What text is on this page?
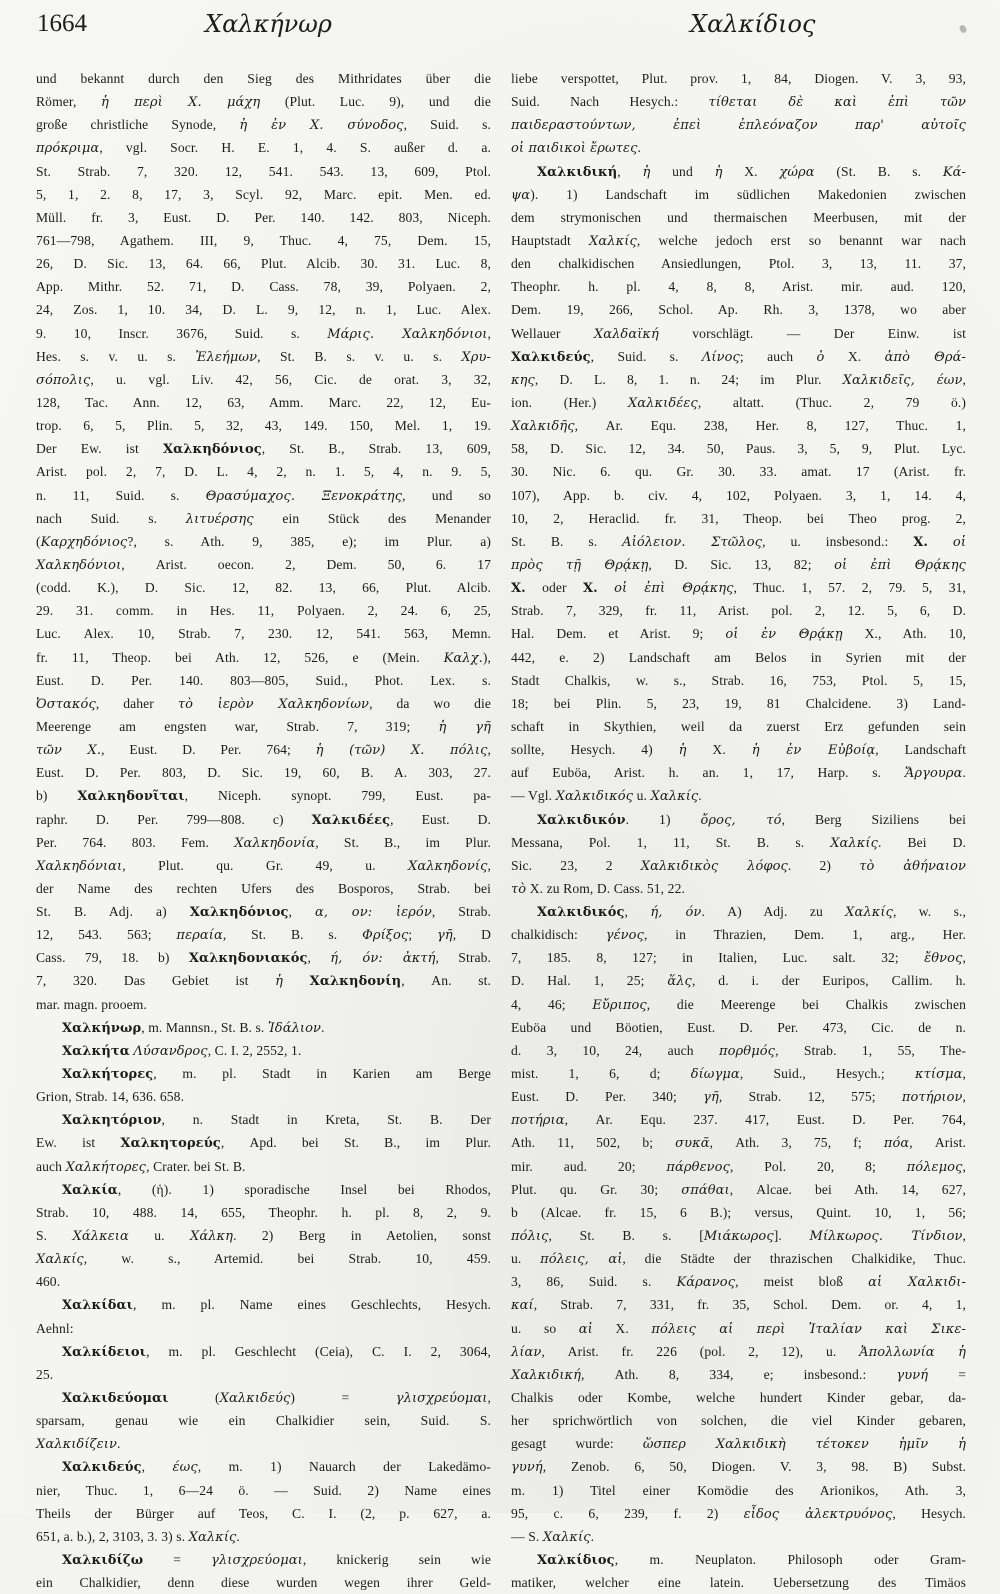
1664	Χαλκήνωρ	Χαλκίδιος
und bekannt durch den Sieg des Mithridates über die
Römer, ἡ περὶ X. μάχη (Plut. Luc. 9), und die
große christliche Synode, ἡ ἐν X. σύνοδος, Suid. s.
πρόκριμα, vgl. Socr. H. E. 1, 4. S. außer d. a.
St. Strab. 7, 320. 12, 541. 543. 13, 609, Ptol.
5, 1, 2. 8, 17, 3, Scyl. 92, Marc. epit. Men. ed.
Müll. fr. 3, Eust. D. Per. 140. 142. 803, Niceph.
761—798, Agathem. III, 9, Thuc. 4, 75, Dem. 15,
26, D. Sic. 13, 64. 66, Plut. Alcib. 30. 31. Luc. 8,
App. Mithr. 52. 71, D. Cass. 78, 39, Polyaen. 2,
24, Zos. 1, 10. 34, D. L. 9, 12, n. 1, Luc. Alex.
9. 10, Inscr. 3676, Suid. s. Μάρις. Χαλκηδόνιοι,
Hes. s. v. u. s. Ἐλεήμων, St. B. s. v. u. s. Χρυ-
σόπολις, u. vgl. Liv. 42, 56, Cic. de orat. 3, 32,
128, Tac. Ann. 12, 63, Amm. Marc. 22, 12, Eu-
trop. 6, 5, Plin. 5, 32, 43, 149. 150, Mel. 1, 19.
Der Ew. ist Χαλκηδόνιος, St. B., Strab. 13, 609,
Arist. pol. 2, 7, D. L. 4, 2, n. 1. 5, 4, n. 9. 5,
n. 11, Suid. s. Θρασύμαχος. Ξενοκράτης, und so
nach Suid. s. λιτυέρσης ein Stück des Menander
(Καρχηδόνιος?, s. Ath. 9, 385, e); im Plur. a)
Χαλκηδόνιοι, Arist. oecon. 2, Dem. 50, 6. 17
(codd. K.), D. Sic. 12, 82. 13, 66, Plut. Alcib.
29. 31. comm. in Hes. 11, Polyaen. 2, 24. 6, 25,
Luc. Alex. 10, Strab. 7, 230. 12, 541. 563, Memn.
fr. 11, Theop. bei Ath. 12, 526, e (Mein. Καλχ.),
Eust. D. Per. 140. 803—805, Suid., Phot. Lex. s.
Ὀστακός, daher τὸ ἱερὸν Χαλκηδονίων, da wo die
Meerenge am engsten war, Strab. 7, 319; ἡ γῆ
τῶν X., Eust. D. Per. 764; ἡ (τῶν) X. πόλις,
Eust. D. Per. 803, D. Sic. 19, 60, B. A. 303, 27.
b) Χαλκηδονῖται, Niceph. synopt. 799, Eust. pa-
raphr. D. Per. 799—808. c) Χαλκιδέες, Eust. D.
Per. 764. 803. Fem. Χαλκηδονία, St. B., im Plur.
Χαλκηδόνιαι, Plut. qu. Gr. 49, u. Χαλκηδονίς,
der Name des rechten Ufers des Bosporos, Strab. bei
St. B. Adj. a) Χαλκηδόνιος, α, ον: ἱερόν, Strab.
12, 543. 563; περαία, St. B. s. Φρίξος; γῆ, D
Cass. 79, 18. b) Χαλκηδονιακός, ή, όν: ἀκτή, Strab.
7, 320. Das Gebiet ist ἡ Χαλκηδονίη, An. st.
mar. magn. prooem.
Χαλκήνωρ, m. Mannsn., St. B. s. Ἰδάλιον.
Χαλκήτα Λύσανδρος, C. I. 2, 2552, 1.
Χαλκήτορες, m. pl. Stadt in Karien am Berge
Grion, Strab. 14, 636. 658.
Χαλκητόριον, n. Stadt in Kreta, St. B. Der
Ew. ist Χαλκητορεύς, Apd. bei St. B., im Plur.
auch Χαλκήτορες, Crater. bei St. B.
Χαλκία, (ἡ). 1) sporadische Insel bei Rhodos,
Strab. 10, 488. 14, 655, Theophr. h. pl. 8, 2, 9.
S. Χάλκεια u. Χάλκη. 2) Berg in Aetolien, sonst
Χαλκίς, w. s., Artemid. bei Strab. 10, 459.
460.
Χαλκίδαι, m. pl. Name eines Geschlechts, Hesych.
Aehnl:
Χαλκίδειοι, m. pl. Geschlecht (Ceia), C. I. 2, 3064,
25.
Χαλκιδεύομαι (Χαλκιδεύς) = γλισχρεύομαι,
sparsam, genau wie ein Chalkidier sein, Suid. S.
Χαλκιδίζειν.
Χαλκιδεύς, έως, m. 1) Nauarch der Lakedämo-
nier, Thuc. 1, 6—24 ö. — Suid. 2) Name eines
Theils der Bürger auf Teos, C. I. (2, p. 627, a.
651, a. b.), 2, 3103, 3. 3) s. Χαλκίς.
Χαλκιδίζω = γλισχρεύομαι, knickerig sein wie
ein Chalkidier, denn diese wurden wegen ihrer Geld-
liebe verspottet, Plut. prov. 1, 84, Diogen. V. 3, 93,
Suid. Nach Hesych.: τίθεται δὲ καὶ ἐπὶ τῶν
παιδεραστούντων, ἐπεὶ ἐπλεόναζον παρ' αὐτοῖς
οἱ παιδικοὶ ἔρωτες.
Χαλκιδική, ἡ und ἡ X. χώρα (St. B. s. Κά-
ψα). 1) Landschaft im südlichen Makedonien zwischen
dem strymonischen und thermaischen Meerbusen, mit der
Hauptstadt Χαλκίς, welche jedoch erst so benannt war nach
den chalkidischen Ansiedlungen, Ptol. 3, 13, 11. 37,
Theophr. h. pl. 4, 8, 8, Arist. mir. aud. 120,
Dem. 19, 266, Schol. Ap. Rh. 3, 1378, wo aber
Wellauer Χαλδαϊκή vorschlägt. — Der Einw. ist
Χαλκιδεύς, Suid. s. Λίνος; auch ὁ X. ἀπὸ Θρά-
κης, D. L. 8, 1. n. 24; im Plur. Χαλκιδεῖς, έων,
ion. (Her.) Χαλκιδέες, altatt. (Thuc. 2, 79 ö.)
Χαλκιδῆς, Ar. Equ. 238, Her. 8, 127, Thuc. 1,
58, D. Sic. 12, 34. 50, Paus. 3, 5, 9, Plut. Lyc.
30. Nic. 6. qu. Gr. 30. 33. amat. 17 (Arist. fr.
107), App. b. civ. 4, 102, Polyaen. 3, 1, 14. 4,
10, 2, Heraclid. fr. 31, Theop. bei Theo prog. 2,
St. B. s. Αἰόλειον. Στῶλος, u. insbesond.: X. οἱ
πρὸς τῇ Θρᾴκῃ, D. Sic. 13, 82; οἱ ἐπὶ Θρᾴκης
X. oder X. οἱ ἐπὶ Θρᾴκης, Thuc. 1, 57. 2, 79. 5, 31,
Strab. 7, 329, fr. 11, Arist. pol. 2, 12. 5, 6, D.
Hal. Dem. et Arist. 9; οἱ ἐν Θρᾴκῃ X., Ath. 10,
442, e. 2) Landschaft am Belos in Syrien mit der
Stadt Chalkis, w. s., Strab. 16, 753, Ptol. 5, 15,
18; bei Plin. 5, 23, 19, 81 Chalcidene. 3) Land-
schaft in Skythien, weil da zuerst Erz gefunden sein
sollte, Hesych. 4) ἡ X. ἡ ἐν Εὐβοίᾳ, Landschaft
auf Euböa, Arist. h. an. 1, 17, Harp. s. Ἄργουρα.
— Vgl. Χαλκιδικός u. Χαλκίς.
Χαλκιδικόν. 1) ὄρος, τό, Berg Siziliens bei
Messana, Pol. 1, 11, St. B. s. Χαλκίς. Bei D.
Sic. 23, 2 Χαλκιδικὸς λόφος. 2) τὸ ἀθήναιον
τὸ X. zu Rom, D. Cass. 51, 22.
Χαλκιδικός, ή, όν. A) Adj. zu Χαλκίς, w. s.,
chalkidisch: γένος, in Thrazien, Dem. 1, arg., Her.
7, 185. 8, 127; in Italien, Luc. salt. 32; ἔθνος,
D. Hal. 1, 25; ἅλς, d. i. der Euripos, Callim. h.
4, 46; Εὔριπος, die Meerenge bei Chalkis zwischen
Euböa und Böotien, Eust. D. Per. 473, Cic. de n.
d. 3, 10, 24, auch πορθμός, Strab. 1, 55, The-
mist. 1, 6, d; δίωγμα, Suid., Hesych.; κτίσμα,
Eust. D. Per. 340; γῆ, Strab. 12, 575; ποτήριον,
ποτήρια, Ar. Equ. 237. 417, Eust. D. Per. 764,
Ath. 11, 502, b; συκᾶ, Ath. 3, 75, f; πόα, Arist.
mir. aud. 20; πάρθενος, Pol. 20, 8; πόλεμος,
Plut. qu. Gr. 30; σπάθαι, Alcae. bei Ath. 14, 627,
b (Alcae. fr. 15, 6 B.); versus, Quint. 10, 1, 56;
πόλις, St. B. s. [Μιάκωρος]. Μίλκωρος. Τίνδιον,
u. πόλεις, αἱ, die Städte der thrazischen Chalkidike, Thuc.
3, 86, Suid. s. Κάρανος, meist bloß αἱ Χαλκιδι-
καί, Strab. 7, 331, fr. 35, Schol. Dem. or. 4, 1,
u. so αἱ X. πόλεις αἱ περὶ Ἰταλίαν καὶ Σικε-
λίαν, Arist. fr. 226 (pol. 2, 12), u. Ἀπολλωνία ἡ
Χαλκιδική, Ath. 8, 334, e; insbesond.: γυνή =
Chalkis oder Kombe, welche hundert Kinder gebar, da-
her sprichwörtlich von solchen, die viel Kinder gebaren,
gesagt wurde: ὥσπερ Χαλκιδικὴ τέτοκεν ἡμῖν ἡ
γυνή, Zenob. 6, 50, Diogen. V. 3, 98. B) Subst.
m. 1) Titel einer Komödie des Arionikos, Ath. 3,
95, c. 6, 239, f. 2) εἶδος ἀλεκτρυόνος, Hesych.
— S. Χαλκίς.
Χαλκίδιος, m. Neuplaton. Philosoph oder Gram-
matiker, welcher eine latein. Uebersetzung des Timäos
